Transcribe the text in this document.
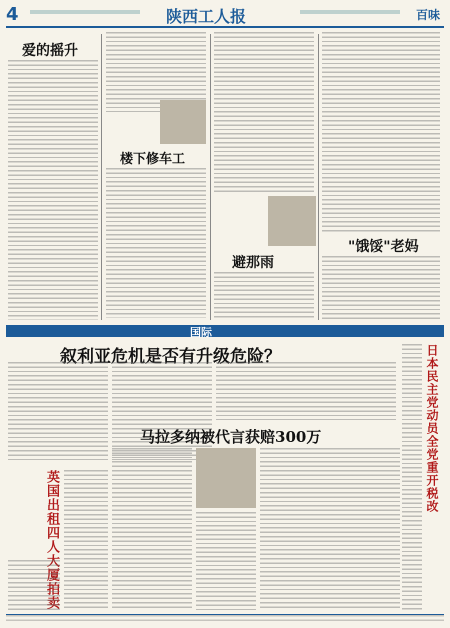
4	陕西工人报	百味
爱的摇升
楼下修车工
避那雨
"饿馁"老妈
国际
叙利亚危机是否有升级危险？
英国出租四人大厦拍卖
马拉多纳被代言获赔300万	日本民主党动员全党重开税改
